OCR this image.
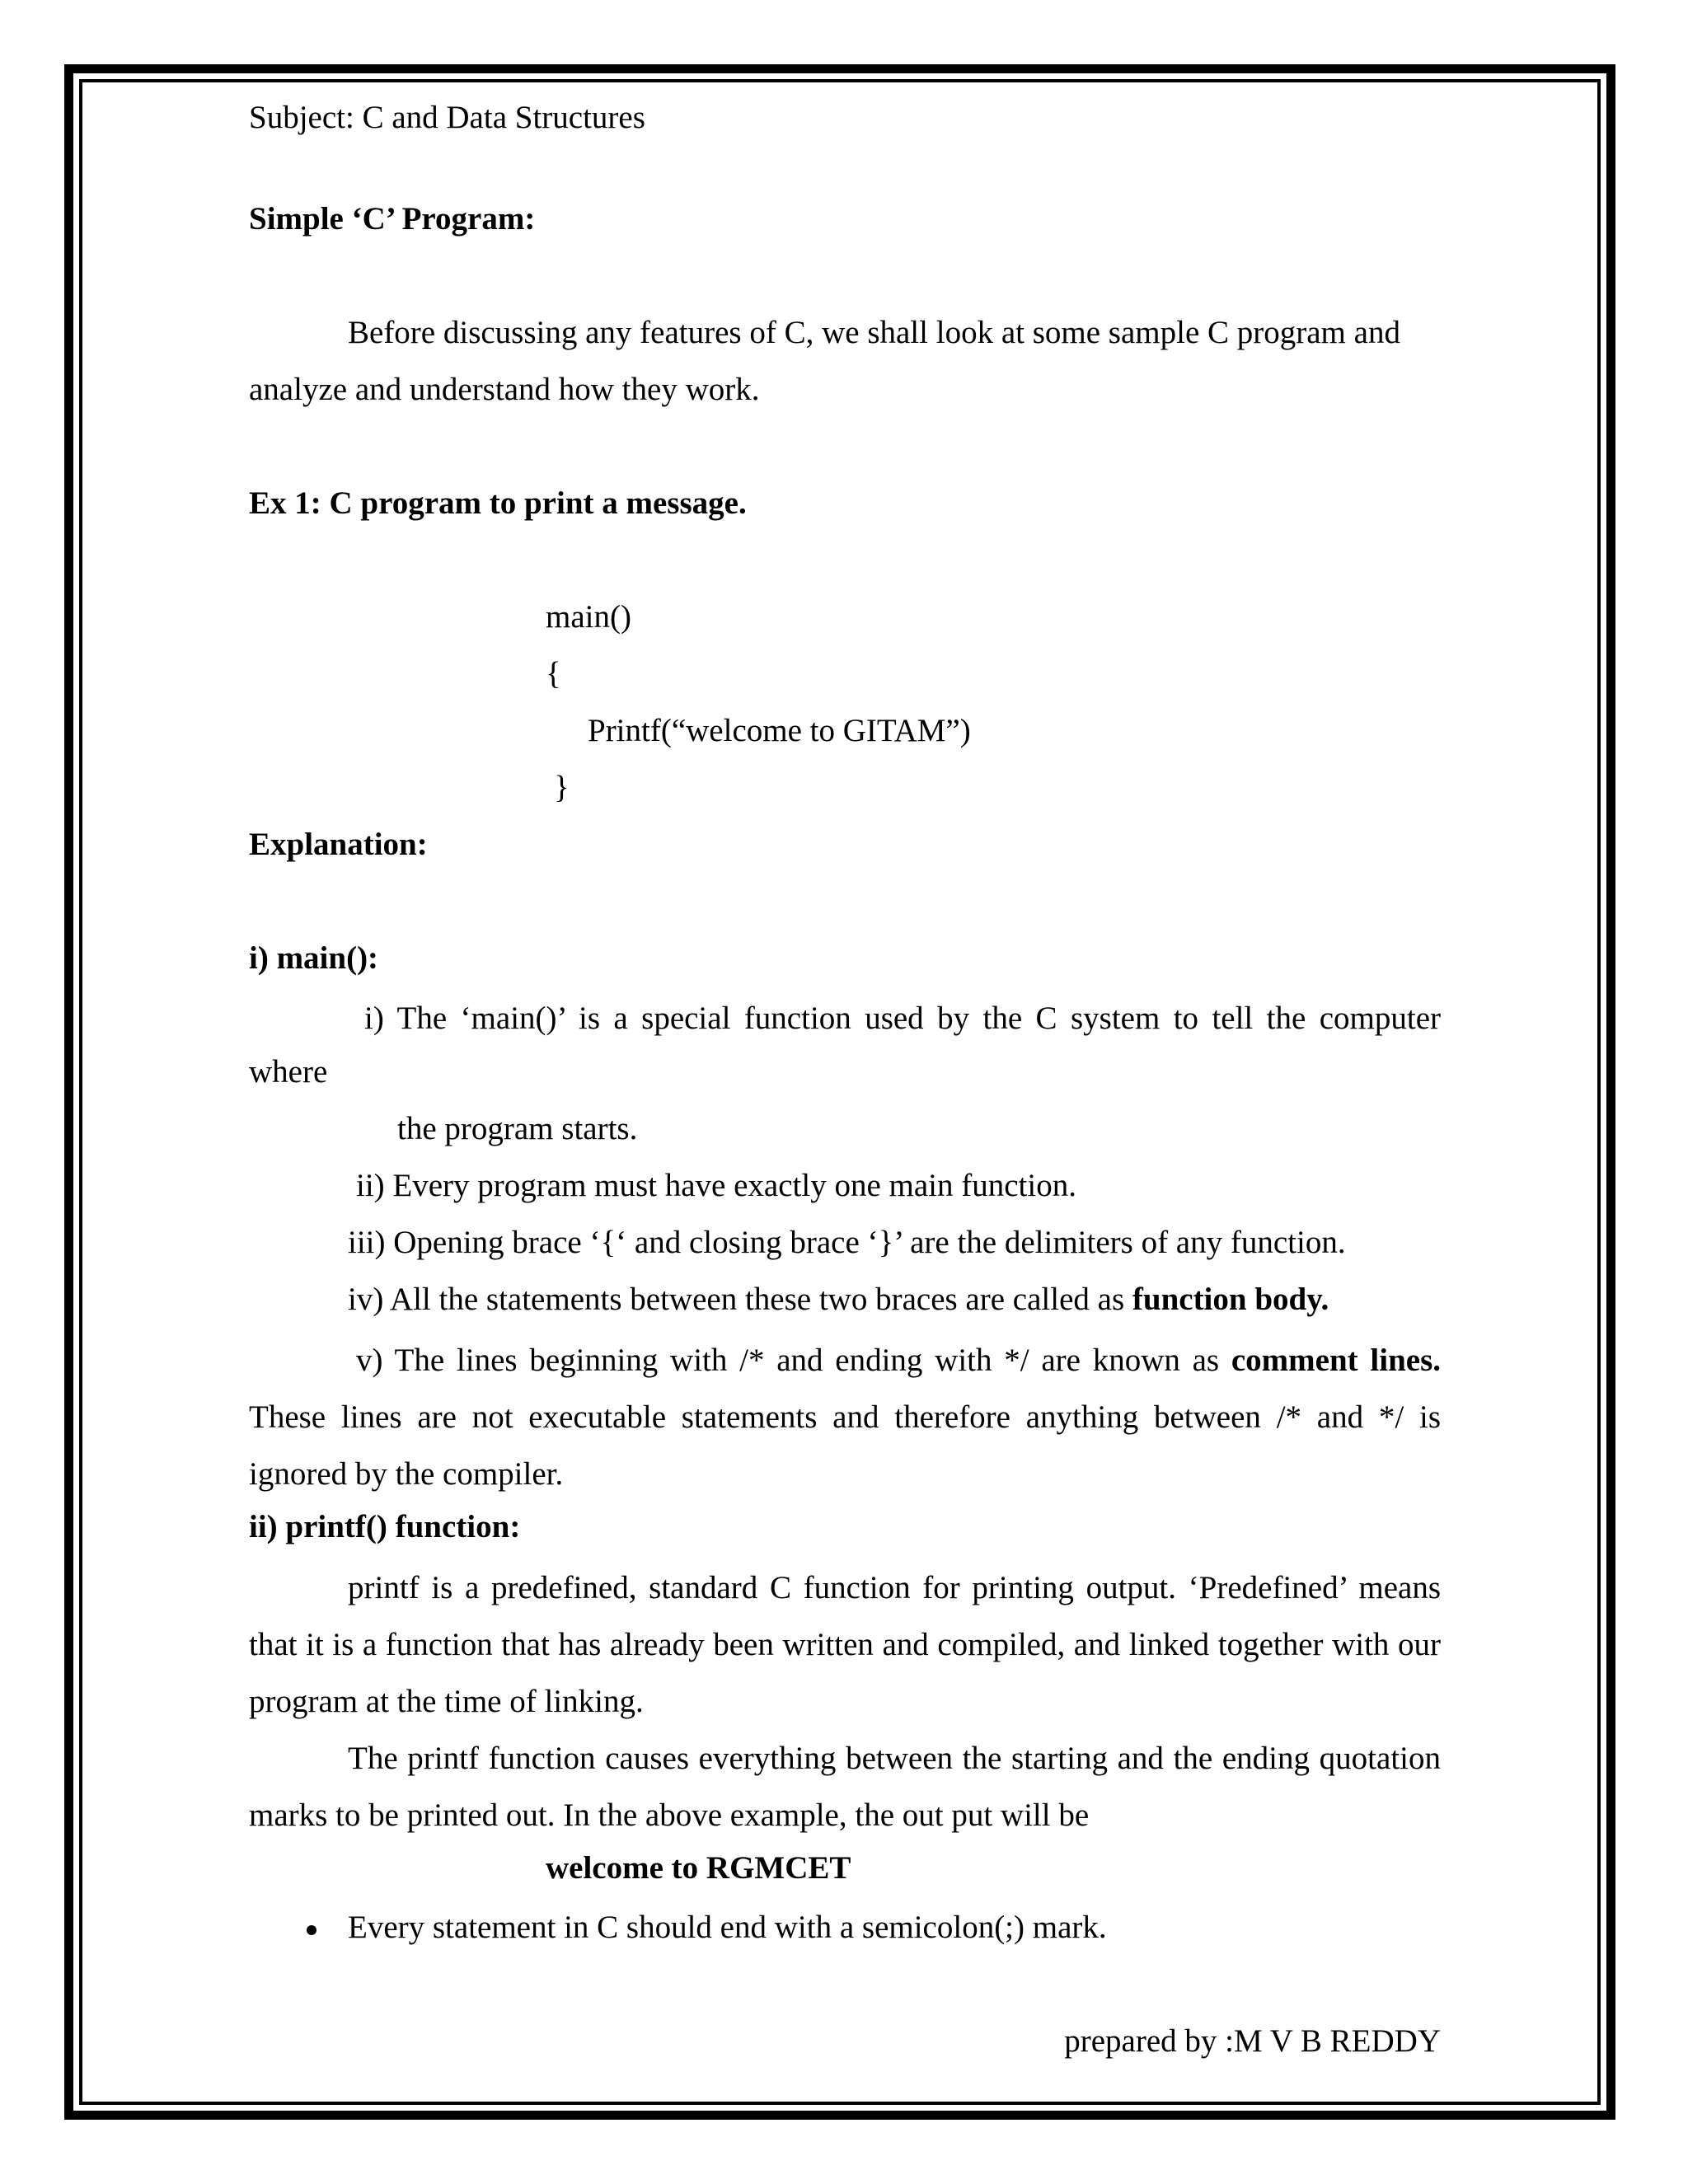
Subject: C and Data Structures

Simple ‘C’ Program:

Before discussing any features of C, we shall look at some sample C program and

analyze and understand how they work.

Ex 1: C program to print a message.

main()

{

Printf(“welcome to GITAM”)

}

Explanation:

i) main():

i) The ‘main()’ is a special function used by the C system to tell the computer

where

the program starts.

ii) Every program must have exactly one main function.

iii) Opening brace ‘{‘ and closing brace ‘}’ are the delimiters of any function.

iv) All the statements between these two braces are called as function body.

v) The lines beginning with /* and ending with */ are known as comment lines.

These lines are not executable statements and therefore anything between /* and */ is ignored by the compiler.

ii) printf() function:

printf is a predefined, standard C function for printing output. ‘Predefined’ means that it is a function that has already been written and compiled, and linked together with our program at the time of linking.

The printf function causes everything between the starting and the ending quotation marks to be printed out. In the above example, the out put will be

welcome to RGMCET

Every statement in C should end with a semicolon(;) mark.

prepared by :M V B REDDY
